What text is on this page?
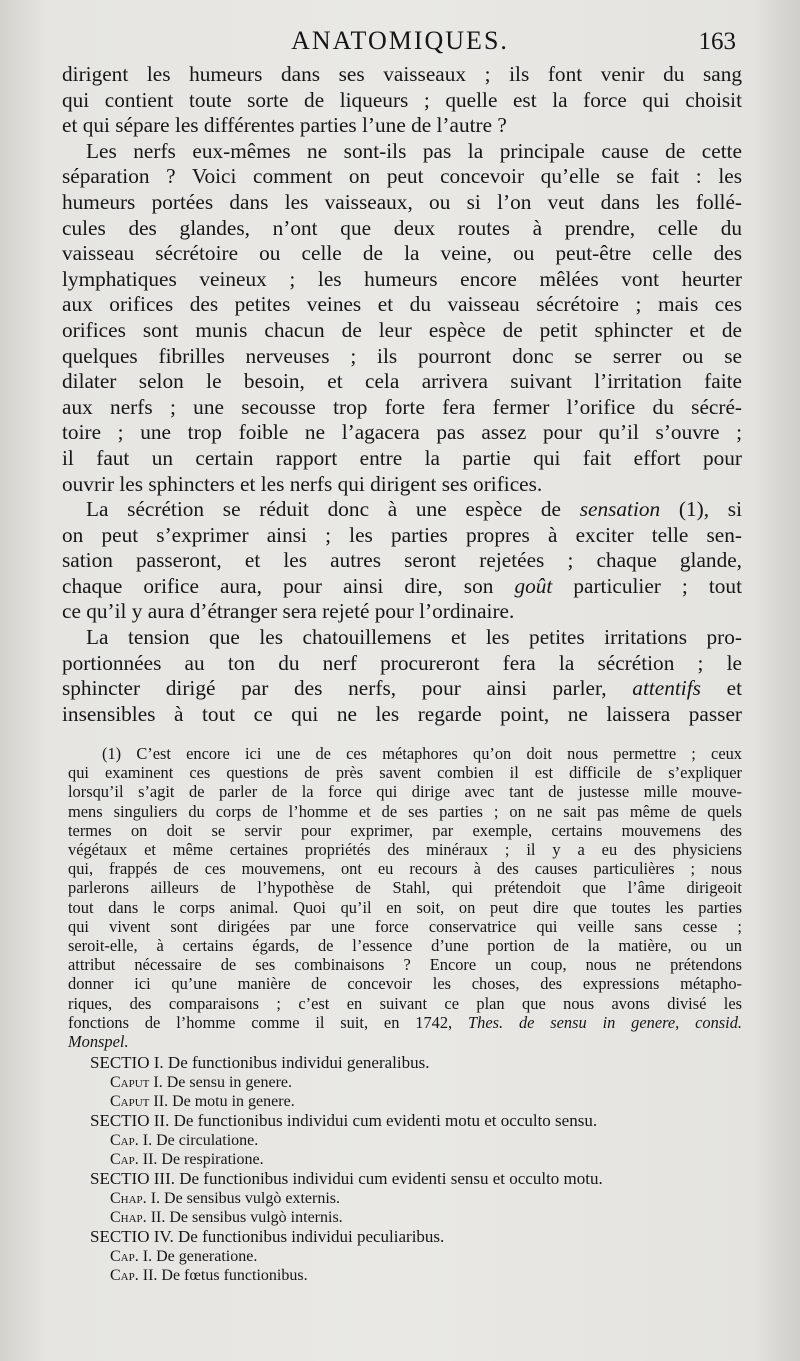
ANATOMIQUES.	163
dirigent les humeurs dans ses vaisseaux ; ils font venir du sang
qui contient toute sorte de liqueurs ; quelle est la force qui choisit
et qui sépare les différentes parties l’une de l’autre ?
Les nerfs eux-mêmes ne sont-ils pas la principale cause de cette
séparation ? Voici comment on peut concevoir qu’elle se fait : les
humeurs portées dans les vaisseaux, ou si l’on veut dans les follé-
cules des glandes, n’ont que deux routes à prendre, celle du
vaisseau sécrétoire ou celle de la veine, ou peut-être celle des
lymphatiques veineux ; les humeurs encore mêlées vont heurter
aux orifices des petites veines et du vaisseau sécrétoire ; mais ces
orifices sont munis chacun de leur espèce de petit sphincter et de
quelques fibrilles nerveuses ; ils pourront donc se serrer ou se
dilater selon le besoin, et cela arrivera suivant l’irritation faite
aux nerfs ; une secousse trop forte fera fermer l’orifice du sécré-
toire ; une trop foible ne l’agacera pas assez pour qu’il s’ouvre ;
il faut un certain rapport entre la partie qui fait effort pour
ouvrir les sphincters et les nerfs qui dirigent ses orifices.
La sécrétion se réduit donc à une espèce de sensation (1), si
on peut s’exprimer ainsi ; les parties propres à exciter telle sen-
sation passeront, et les autres seront rejetées ; chaque glande,
chaque orifice aura, pour ainsi dire, son goût particulier ; tout
ce qu’il y aura d’étranger sera rejeté pour l’ordinaire.
La tension que les chatouillemens et les petites irritations pro-
portionnées au ton du nerf procureront fera la sécrétion ; le
sphincter dirigé par des nerfs, pour ainsi parler, attentifs et
insensibles à tout ce qui ne les regarde point, ne laissera passer
(1) C’est encore ici une de ces métaphores qu’on doit nous permettre ; ceux
qui examinent ces questions de près savent combien il est difficile de s’expliquer
lorsqu’il s’agit de parler de la force qui dirige avec tant de justesse mille mouve-
mens singuliers du corps de l’homme et de ses parties ; on ne sait pas même de quels
termes on doit se servir pour exprimer, par exemple, certains mouvemens des
végétaux et même certaines propriétés des minéraux ; il y a eu des physiciens
qui, frappés de ces mouvemens, ont eu recours à des causes particulières ; nous
parlerons ailleurs de l’hypothèse de Stahl, qui prétendoit que l’âme dirigeoit
tout dans le corps animal. Quoi qu’il en soit, on peut dire que toutes les parties
qui vivent sont dirigées par une force conservatrice qui veille sans cesse ;
seroit-elle, à certains égards, de l’essence d’une portion de la matière, ou un
attribut nécessaire de ses combinaisons ? Encore un coup, nous ne prétendons
donner ici qu’une manière de concevoir les choses, des expressions métapho-
riques, des comparaisons ; c’est en suivant ce plan que nous avons divisé les
fonctions de l’homme comme il suit, en 1742, Thes. de sensu in genere, consid.
Monspel.
SECTIO I. De functionibus individui generalibus.
Caput I. De sensu in genere.
Caput II. De motu in genere.
SECTIO II. De functionibus individui cum evidenti motu et occulto sensu.
Cap. I. De circulatione.
Cap. II. De respiratione.
SECTIO III. De functionibus individui cum evidenti sensu et occulto motu.
Chap. I. De sensibus vulgò externis.
Chap. II. De sensibus vulgò internis.
SECTIO IV. De functionibus individui peculiaribus.
Cap. I. De generatione.
Cap. II. De fœtus functionibus.
